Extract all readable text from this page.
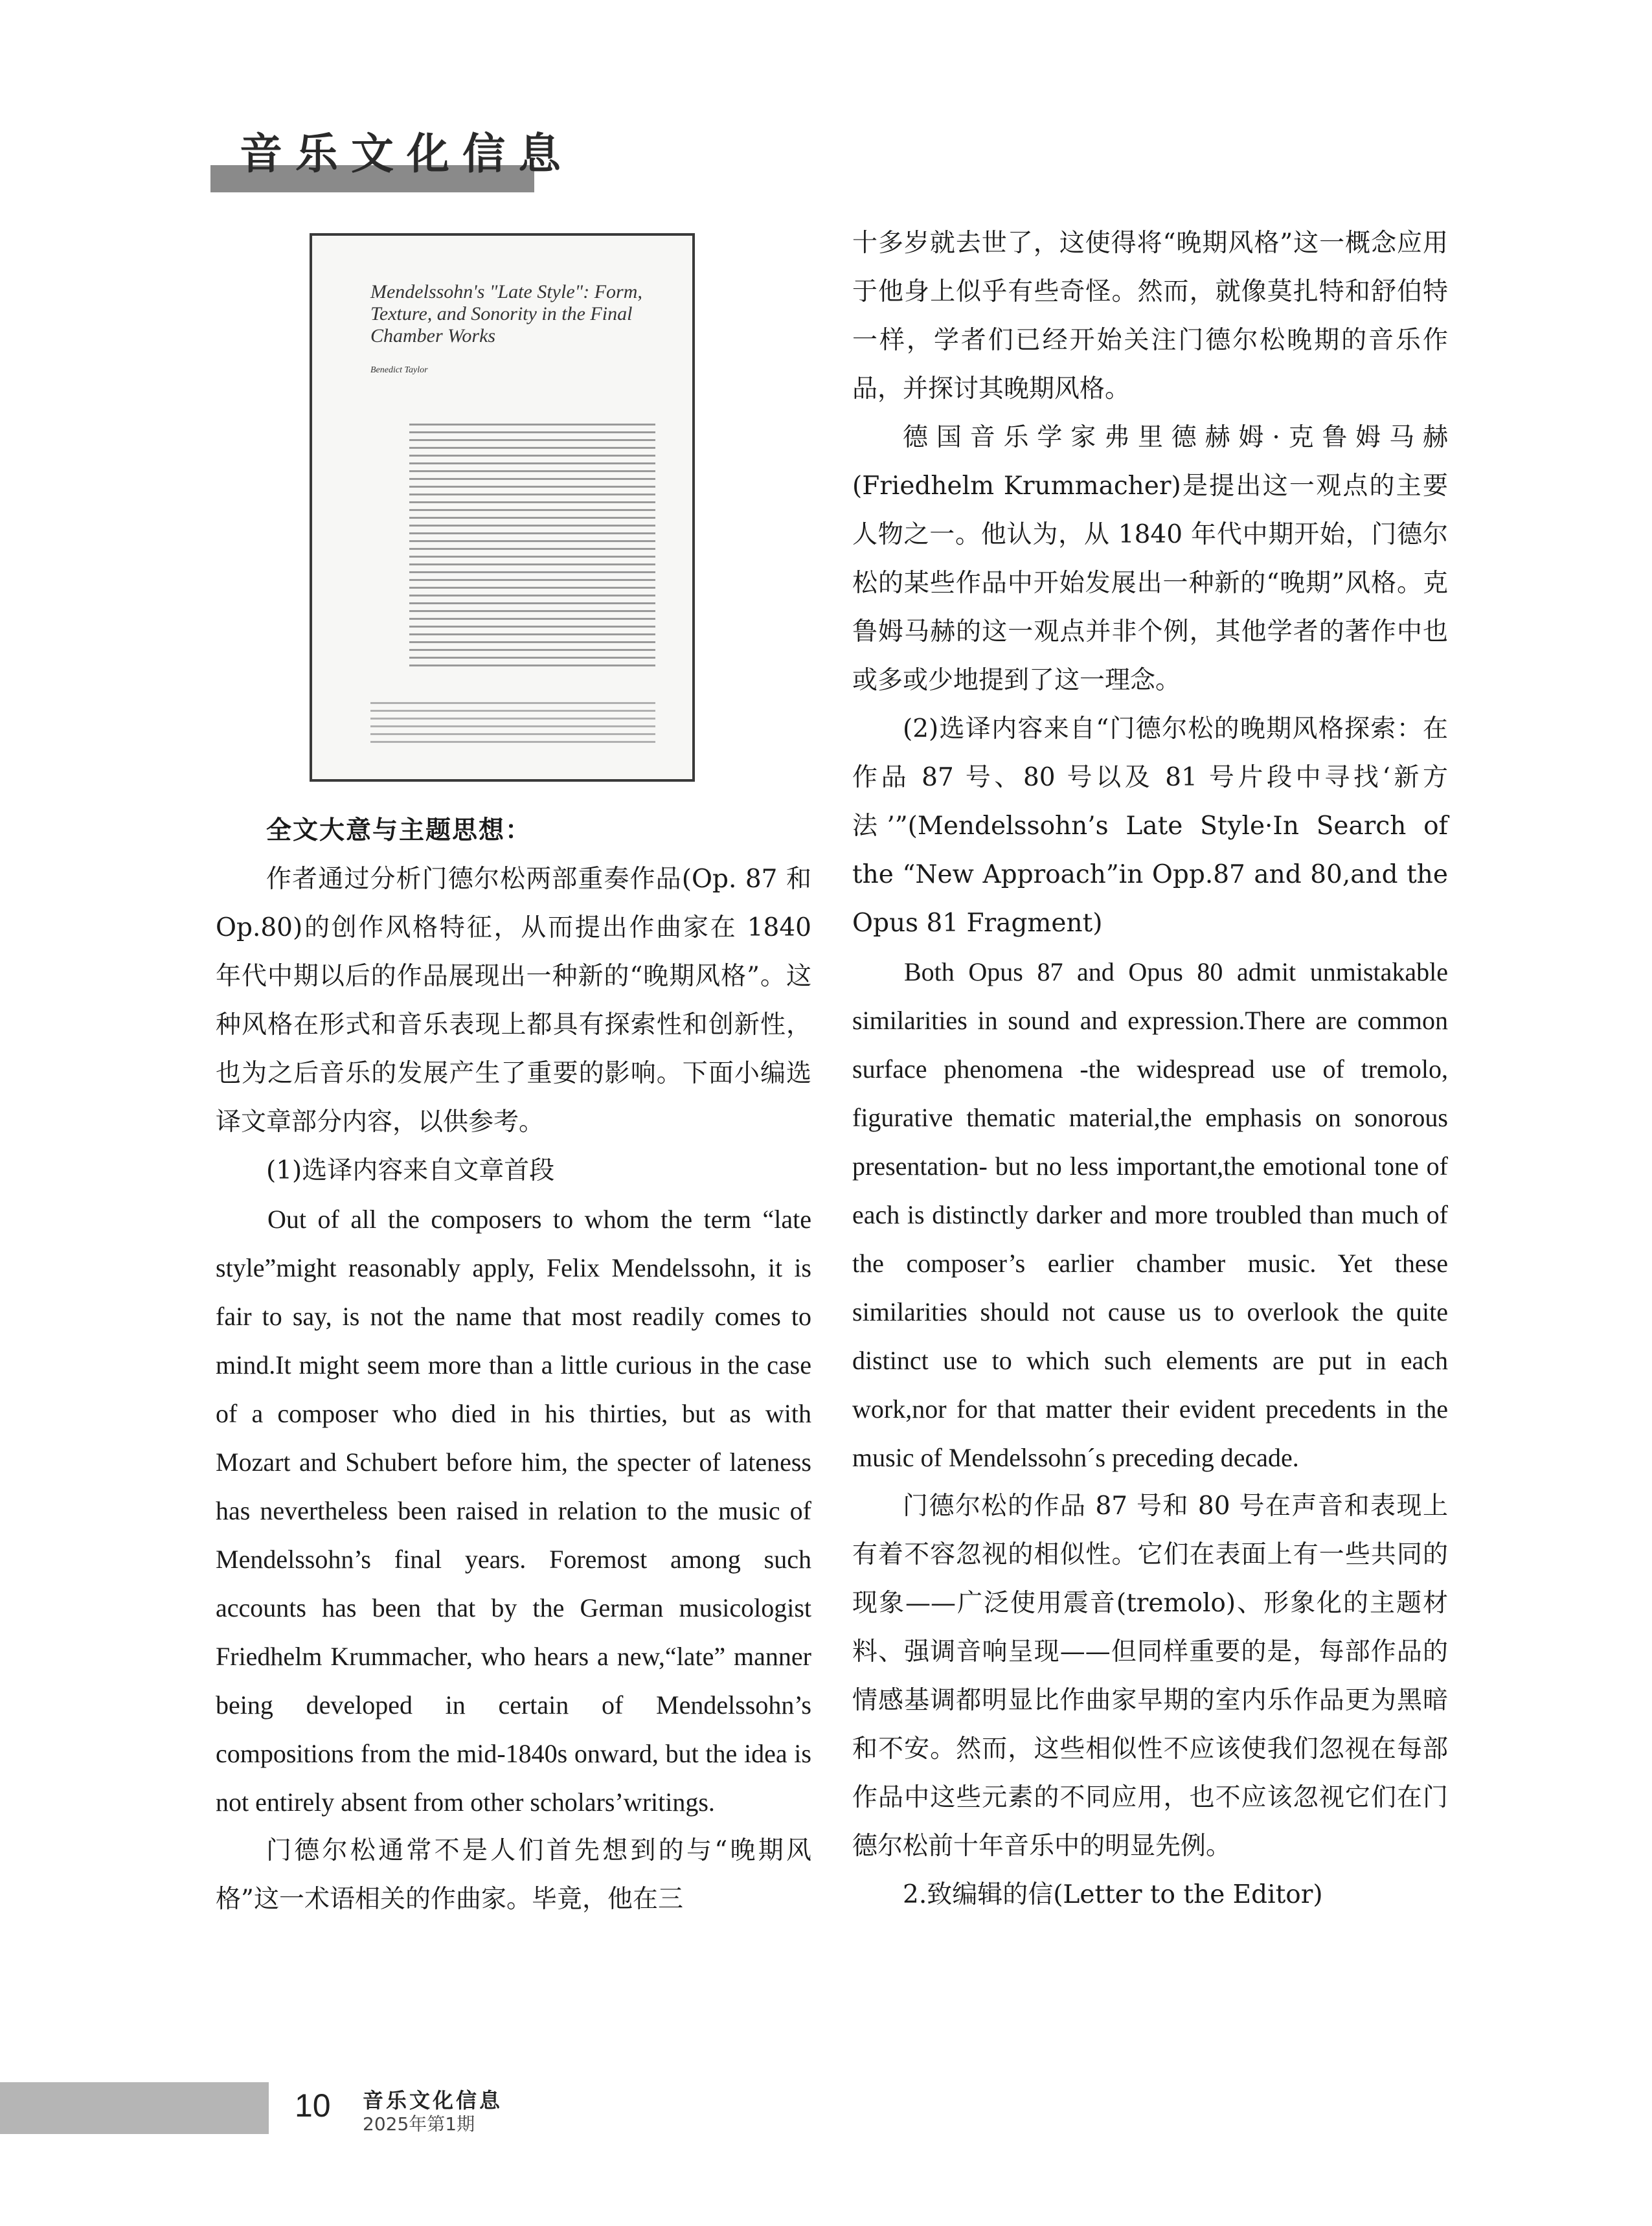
音乐文化信息
Mendelssohn's "Late Style": Form, Texture, and Sonority in the Final Chamber Works
Benedict Taylor

全文大意与主题思想：

作者通过分析门德尔松两部重奏作品(Op. 87 和 Op.80)的创作风格特征，从而提出作曲家在 1840 年代中期以后的作品展现出一种新的“晚期风格”。这种风格在形式和音乐表现上都具有探索性和创新性，也为之后音乐的发展产生了重要的影响。下面小编选译文章部分内容，以供参考。

(1)选译内容来自文章首段

Out of all the composers to whom the term “late style”might reasonably apply, Felix Mendelssohn, it is fair to say, is not the name that most readily comes to mind.It might seem more than a little curious in the case of a composer who died in his thirties, but as with Mozart and Schubert before him, the specter of lateness has nevertheless been raised in relation to the music of Mendelssohn’s final years. Foremost among such accounts has been that by the German musicologist Friedhelm Krummacher, who hears a new,“late” manner being developed in certain of Mendelssohn’s compositions from the mid-1840s onward, but the idea is not entirely absent from other scholars’writings.

门德尔松通常不是人们首先想到的与“晚期风格”这一术语相关的作曲家。毕竟，他在三

十多岁就去世了，这使得将“晚期风格”这一概念应用于他身上似乎有些奇怪。然而，就像莫扎特和舒伯特一样，学者们已经开始关注门德尔松晚期的音乐作品，并探讨其晚期风格。

德国音乐学家弗里德赫姆·克鲁姆马赫(Friedhelm Krummacher)是提出这一观点的主要人物之一。他认为，从 1840 年代中期开始，门德尔松的某些作品中开始发展出一种新的“晚期”风格。克鲁姆马赫的这一观点并非个例，其他学者的著作中也或多或少地提到了这一理念。

(2)选译内容来自“门德尔松的晚期风格探索：在作品 87 号、80 号以及 81 号片段中寻找‘新方法’”(Mendelssohn’s Late Style·In Search of the “New Approach”in Opp.87 and 80,and the Opus 81 Fragment)

Both Opus 87 and Opus 80 admit unmistakable similarities in sound and expression.There are common surface phenomena -the widespread use of tremolo, figurative thematic material,the emphasis on sonorous presentation- but no less important,the emotional tone of each is distinctly darker and more troubled than much of the composer’s earlier chamber music. Yet these similarities should not cause us to overlook the quite distinct use to which such elements are put in each work,nor for that matter their evident precedents in the music of Mendelssohn´s preceding decade.

门德尔松的作品 87 号和 80 号在声音和表现上有着不容忽视的相似性。它们在表面上有一些共同的现象——广泛使用震音(tremolo)、形象化的主题材料、强调音响呈现——但同样重要的是，每部作品的情感基调都明显比作曲家早期的室内乐作品更为黑暗和不安。然而，这些相似性不应该使我们忽视在每部作品中这些元素的不同应用，也不应该忽视它们在门德尔松前十年音乐中的明显先例。

2.致编辑的信(Letter to the Editor)

10 音乐文化信息
2025年第1期
